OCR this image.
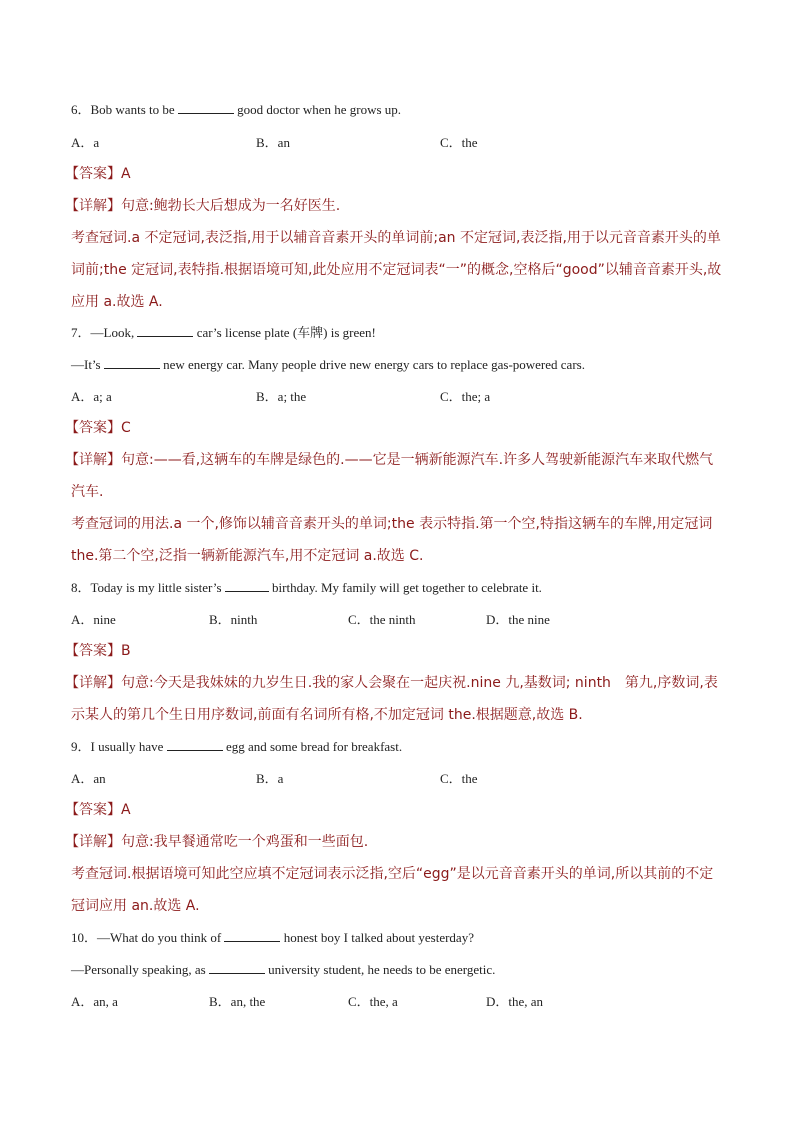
6．Bob wants to be	good doctor when he grows up.
A．a	B．an	C．the
【答案】A
【详解】句意:鲍勃长大后想成为一名好医生.
考查冠词.a 不定冠词,表泛指,用于以辅音音素开头的单词前;an 不定冠词,表泛指,用于以元音音素开头的单词前;the 定冠词,表特指.根据语境可知,此处应用不定冠词表“一”的概念,空格后“good”以辅音音素开头,故应用 a.故选 A.
7．—Look,	car’s license plate (车牌) is green!
—It’s	new energy car. Many people drive new energy cars to replace gas-powered cars.
A．a; a	B．a; the	C．the; a
【答案】C
【详解】句意:——看,这辆车的车牌是绿色的.——它是一辆新能源汽车.许多人驾驶新能源汽车来取代燃气汽车.
考查冠词的用法.a 一个,修饰以辅音音素开头的单词;the 表示特指.第一个空,特指这辆车的车牌,用定冠词 the.第二个空,泛指一辆新能源汽车,用不定冠词 a.故选 C.
8．Today is my little sister’s	birthday. My family will get together to celebrate it.
A．nine	B．ninth	C．the ninth	D．the nine
【答案】B
【详解】句意:今天是我妹妹的九岁生日.我的家人会聚在一起庆祝.nine 九,基数词; ninth　第九,序数词,表示某人的第几个生日用序数词,前面有名词所有格,不加定冠词 the.根据题意,故选 B.
9．I usually have	egg and some bread for breakfast.
A．an	B．a	C．the
【答案】A
【详解】句意:我早餐通常吃一个鸡蛋和一些面包.
考查冠词.根据语境可知此空应填不定冠词表示泛指,空后“egg”是以元音音素开头的单词,所以其前的不定冠词应用 an.故选 A.
10．—What do you think of	honest boy I talked about yesterday?
—Personally speaking, as	university student, he needs to be energetic.
A．an, a	B．an, the	C．the, a	D．the, an
